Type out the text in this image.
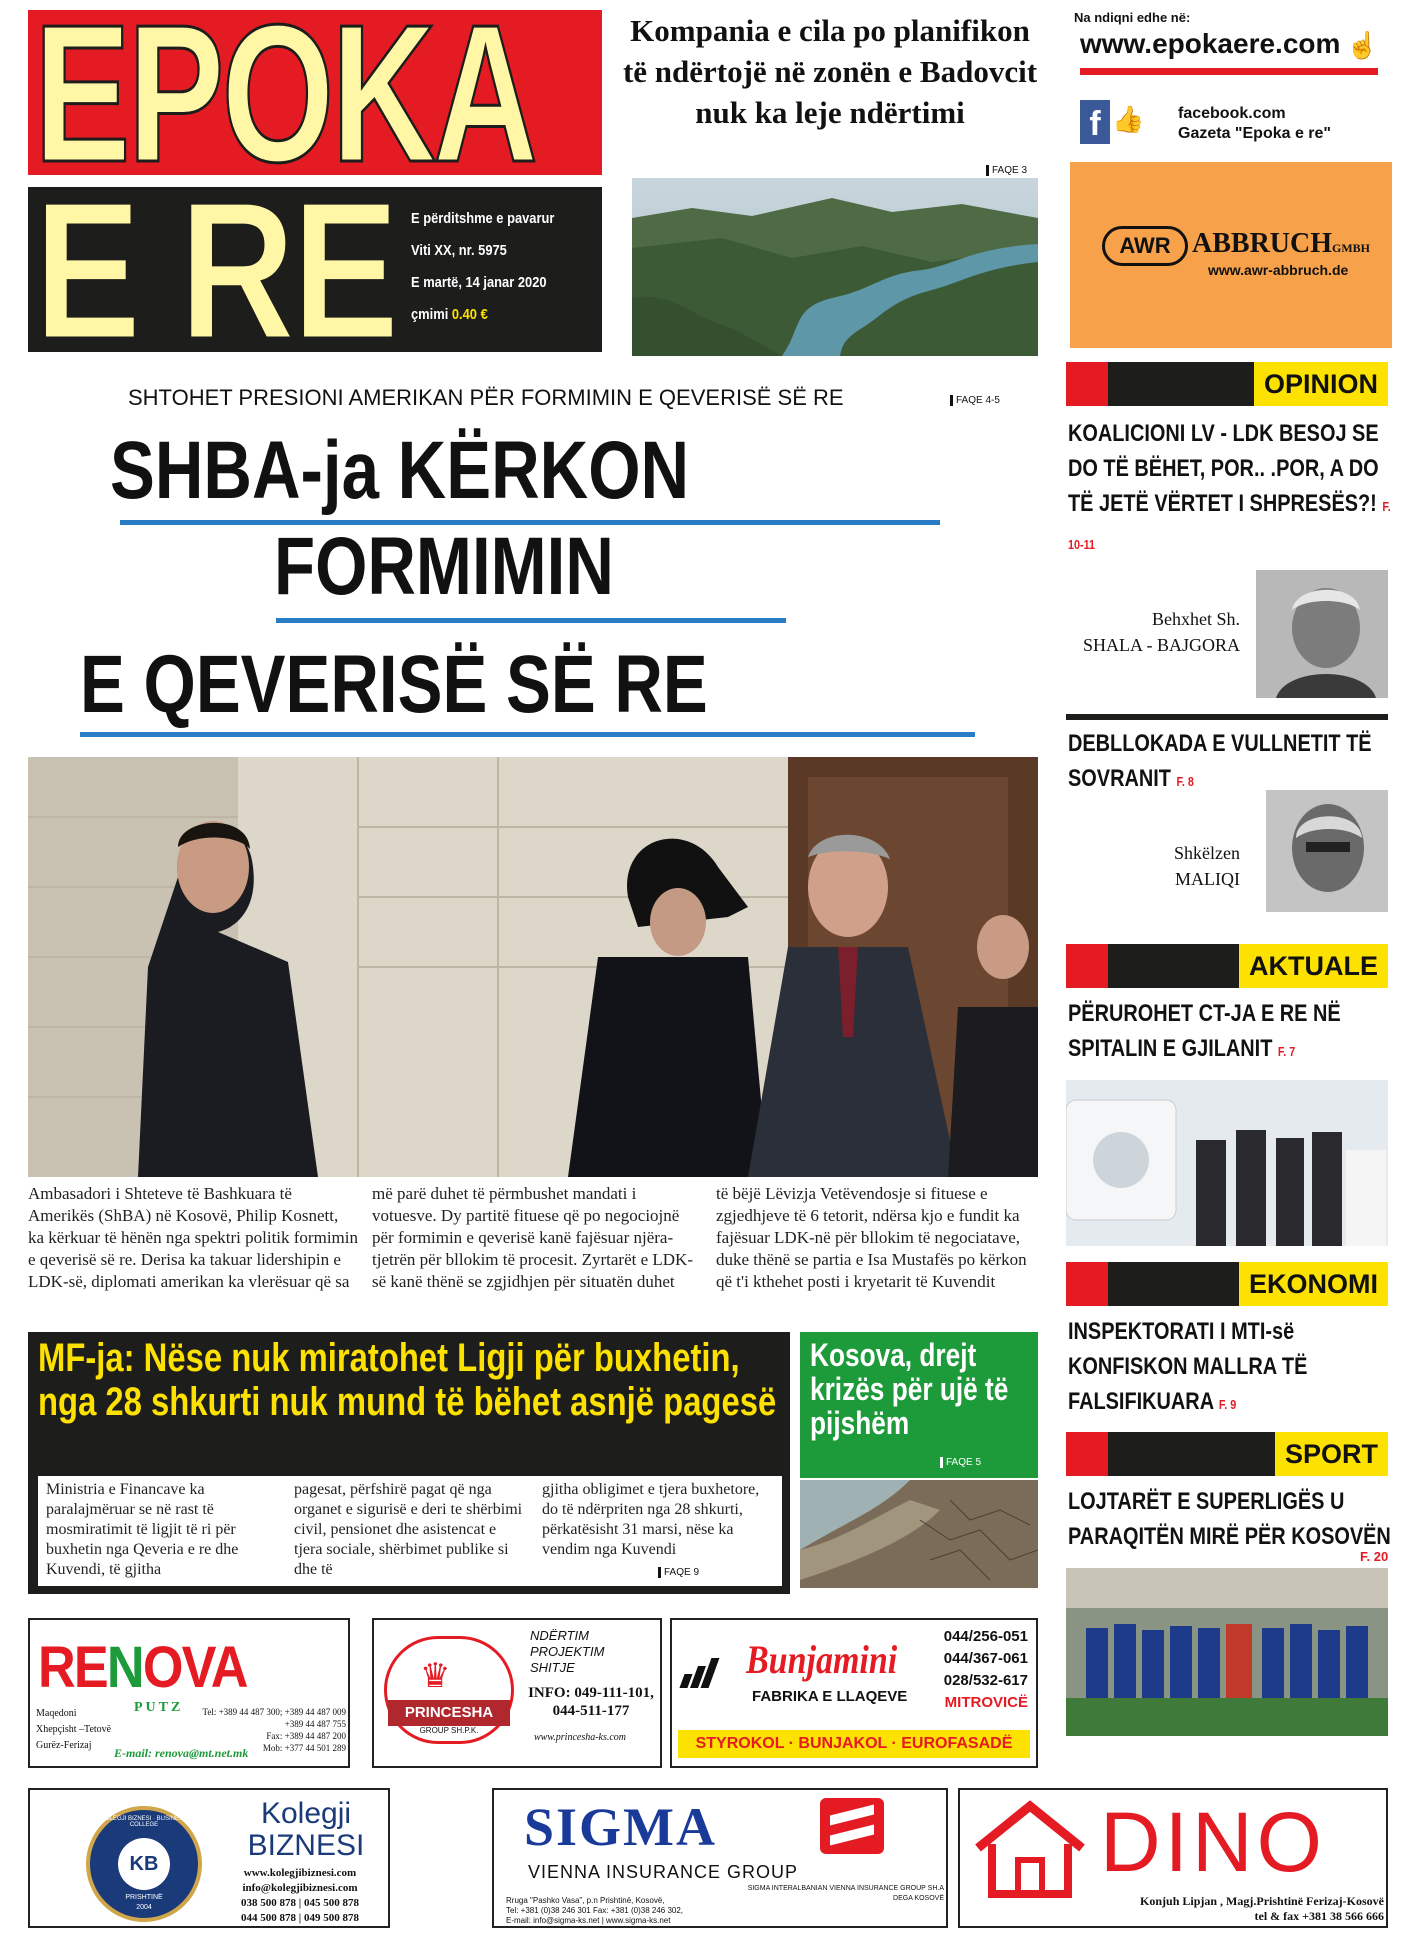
EPOKA
E RE E përditshme e pavarur
Viti XX, nr. 5975
E martë, 14 janar 2020
çmimi 0.40 €
Kompania e cila po planifikon të ndërtojë në zonën e Badovcit nuk ka leje ndërtimi
FAQE 3
Na ndiqni edhe në:
www.epokaere.com ☝
f 👍 facebook.com
Gazeta "Epoka e re"
AWR ABBRUCHGMBH
www.awr-abbruch.de
SHTOHET PRESIONI AMERIKAN PËR FORMIMIN E QEVERISË SË RE	FAQE 4-5
SHBA-ja KËRKON
FORMIMIN
E QEVERISË SË RE
Ambasadori i Shteteve të Bashkuara të Amerikës (ShBA) në Kosovë, Philip Kosnett, ka kërkuar të hënën nga spektri politik formimin e qeverisë së re. Derisa ka takuar lidershipin e LDK-së, diplomati amerikan ka vlerësuar që sa
më parë duhet të përmbushet mandati i votuesve. Dy partitë fituese që po negociojnë për formimin e qeverisë kanë fajësuar njëra-tjetrën për bllokim të procesit. Zyrtarët e LDK-së kanë thënë se zgjidhjen për situatën duhet
të bëjë Lëvizja Vetëvendosje si fituese e zgjedhjeve të 6 tetorit, ndërsa kjo e fundit ka fajësuar LDK-në për bllokim të negociatave, duke thënë se partia e Isa Mustafës po kërkon që t'i kthehet posti i kryetarit të Kuvendit
MF-ja: Nëse nuk miratohet Ligji për buxhetin, nga 28 shkurti nuk mund të bëhet asnjë pagesë
Ministria e Financave ka paralajmëruar se në rast të mosmiratimit të ligjit të ri për buxhetin nga Qeveria e re dhe Kuvendi, të gjitha
pagesat, përfshirë pagat që nga organet e sigurisë e deri te shërbimi civil, pensionet dhe asistencat e tjera sociale, shërbimet publike si dhe të
gjitha obligimet e tjera buxhetore, do të ndërpriten nga 28 shkurti, përkatësisht 31 marsi, nëse ka vendim nga Kuvendi
FAQE 9
Kosova, drejt krizës për ujë të pijshëm
FAQE 5
OPINION
KOALICIONI LV - LDK BESOJ SE DO TË BËHET, POR.. .POR, A DO TË JETË VËRTET I SHPRESËS?! F. 10-11
Behxhet Sh.
SHALA - BAJGORA
DEBLLOKADA E VULLNETIT TË SOVRANIT F. 8
Shkëlzen
MALIQI
AKTUALE
PËRUROHET CT-JA E RE NË SPITALIN E GJILANIT F. 7
EKONOMI
INSPEKTORATI I MTI-së KONFISKON MALLRA TË FALSIFIKUARA F. 9
SPORT
LOJTARËT E SUPERLIGËS U PARAQITËN MIRË PËR KOSOVËN
F. 20
RENOVA
PUTZ
Maqedoni
Xhepçisht –Tetovë
Gurëz-Ferizaj
Tel: +389 44 487 300; +389 44 487 009
+389 44 487 755
Fax: +389 44 487 200
Mob: +377 44 501 289
E-mail: renova@mt.net.mk
♛
PRINCESHA
GROUP SH.P.K.
NDËRTIM
PROJEKTIM
SHITJE
INFO: 049-111-101,
044-511-177
www.princesha-ks.com
Bunjamini
FABRIKA E LLAQEVE
044/256-051
044/367-061
028/532-617
MITROVICË
STYROKOL · BUNJAKOL · EUROFASADË
KB
KOLEGJI BIZNESI · BUSINESS COLLEGE
PRISHTINË
2004
Kolegji
BIZNESI
www.kolegjibiznesi.com
info@kolegjibiznesi.com
038 500 878 | 045 500 878
044 500 878 | 049 500 878
SIGMA
VIENNA INSURANCE GROUP
SIGMA INTERALBANIAN VIENNA INSURANCE GROUP SH.A
DEGA KOSOVË
Rruga "Pashko Vasa", p.n Prishtinë, Kosovë,
Tel: +381 (0)38 246 301 Fax: +381 (0)38 246 302,
E-mail: info@sigma-ks.net | www.sigma-ks.net
DINO
Konjuh Lipjan , Magj.Prishtinë Ferizaj-Kosovë
tel & fax +381 38 566 666
